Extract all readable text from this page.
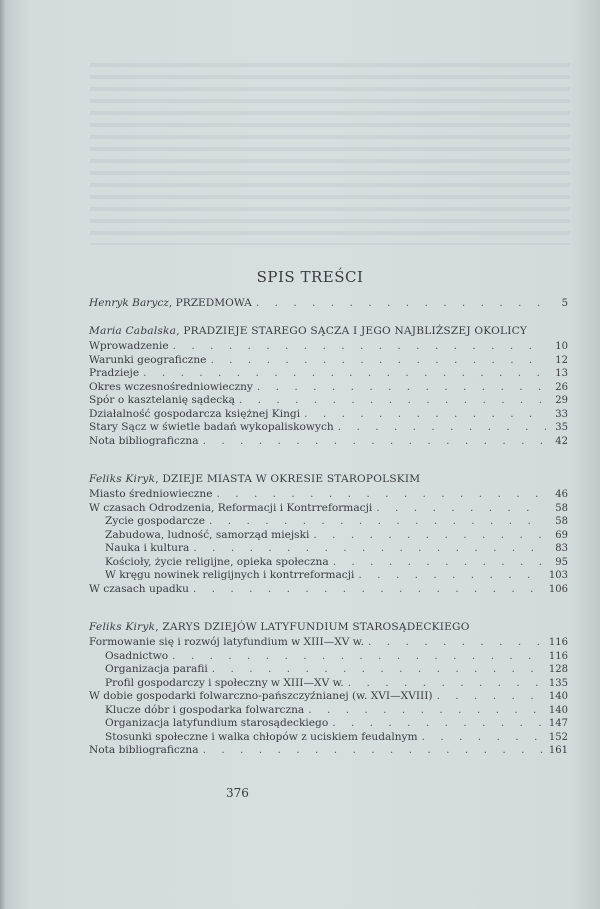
SPIS TREŚCI
Henryk Barycz, PRZEDMOWA . . .	5
Maria Cabalska, PRADZIEJE STAREGO SĄCZA I JEGO NAJBLIŻSZEJ OKOLICY
Wprowadzenie . . .	10
Warunki geograficzne . . .	12
Pradzieje . . .	13
Okres wczesnośredniowieczny . . .	26
Spór o kasztelanię sądecką . . .	29
Działalność gospodarcza księżnej Kingi . . .	33
Stary Sącz w świetle badań wykopaliskowych . . .	35
Nota bibliograficzna . . .	42
Feliks Kiryk, DZIEJE MIASTA W OKRESIE STAROPOLSKIM
Miasto średniowieczne . . .	46
W czasach Odrodzenia, Reformacji i Kontrreformacji . . .	58
Zycie gospodarcze . . .	58
Zabudowa, ludność, samorząd miejski . . .	69
Nauka i kultura . . .	83
Kościoły, życie religijne, opieka społeczna . . .	95
W kręgu nowinek religijnych i kontrreformacji . . .	103
W czasach upadku . . .	106
Feliks Kiryk, ZARYS DZIEJÓW LATYFUNDIUM STAROSĄDECKIEGO
Formowanie się i rozwój latyfundium w XIII—XV w. . . .	116
Osadnictwo . . .	116
Organizacja parafii . . .	128
Profil gospodarczy i społeczny w XIII—XV w. . . .	135
W dobie gospodarki folwarczno-pańszczyźnianej (w. XVI—XVIII) . . .	140
Klucze dóbr i gospodarka folwarczna . . .	140
Organizacja latyfundium starosądeckiego . . .	147
Stosunki społeczne i walka chłopów z uciskiem feudalnym . . .	152
Nota bibliograficzna . . .	161
376
